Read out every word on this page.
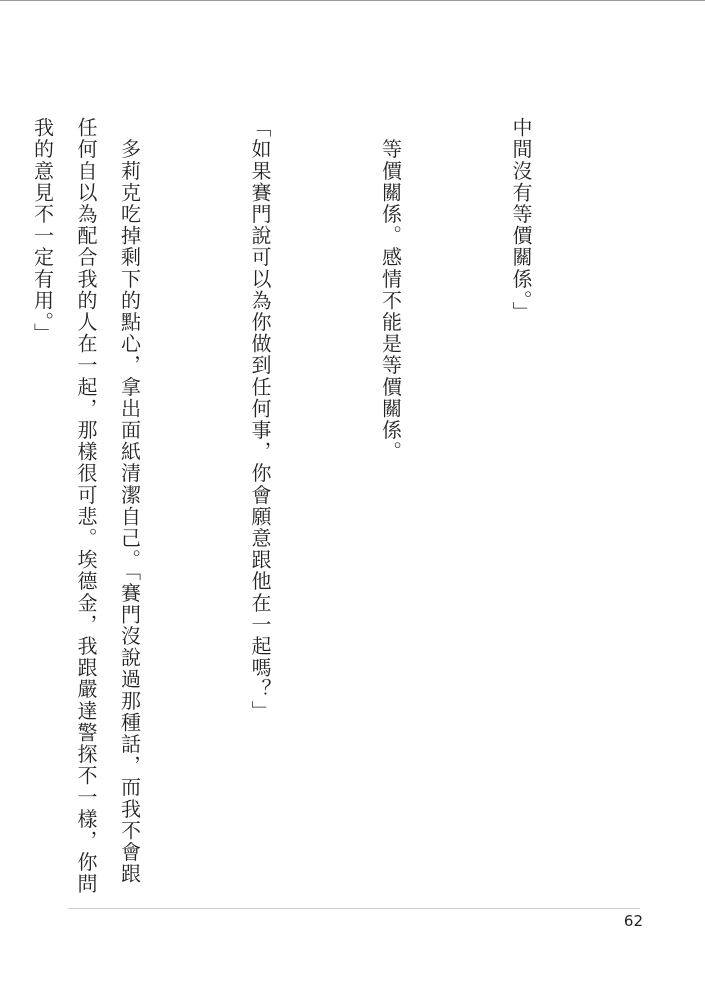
中間沒有等價關係。」

　等價關係。感情不能是等價關係。

「如果賽門說可以為你做到任何事，你會願意跟他在一起嗎？」

　多莉克吃掉剩下的點心，拿出面紙清潔自己。「賽門沒說過那種話，而我不會跟任何自以為配合我的人在一起，那樣很可悲。埃德金，我跟嚴達警探不一樣，你問我的意見不一定有用。」

62
